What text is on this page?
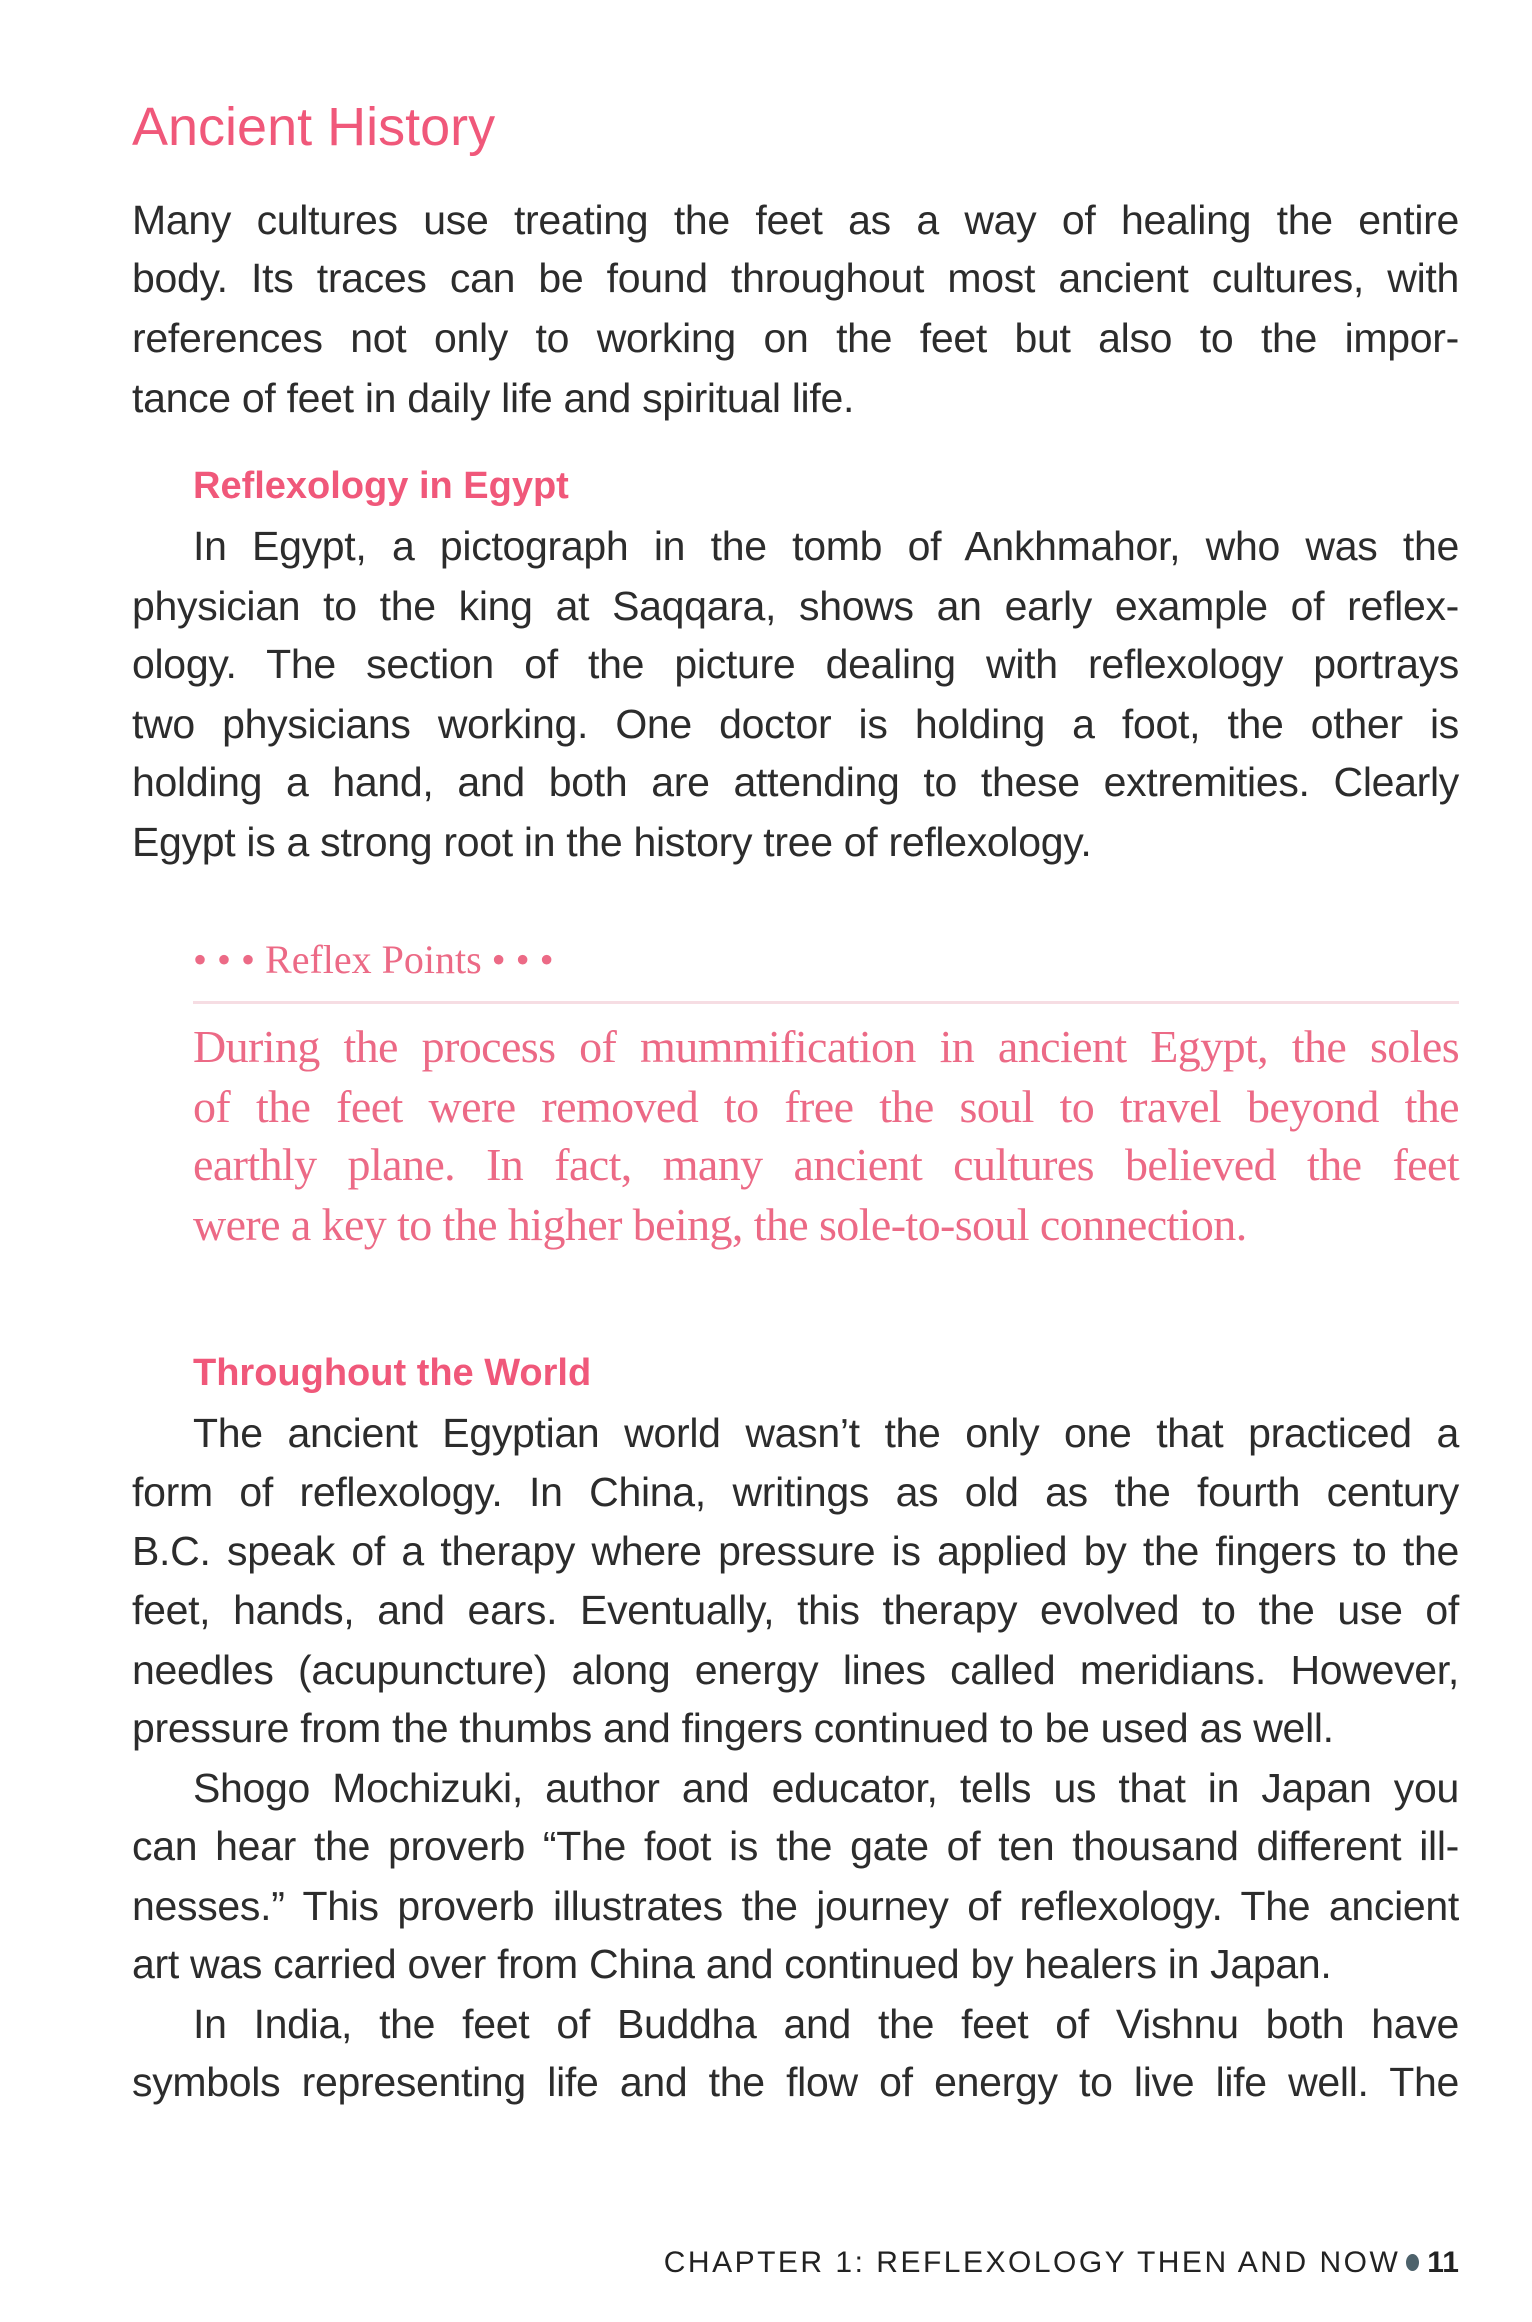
Ancient History
Reflexology in Egypt
• • • Reflex Points • • •
Throughout the World
CHAPTER 1: REFLEXOLOGY THEN AND NOW 11
Many cultures use treating the feet as a way of healing the entire
body. Its traces can be found throughout most ancient cultures, with
references not only to working on the feet but also to the impor-
tance of feet in daily life and spiritual life.
In Egypt, a pictograph in the tomb of Ankhmahor, who was the
physician to the king at Saqqara, shows an early example of reflex-
ology. The section of the picture dealing with reflexology portrays
two physicians working. One doctor is holding a foot, the other is
holding a hand, and both are attending to these extremities. Clearly
Egypt is a strong root in the history tree of reflexology.
During the process of mummification in ancient Egypt, the soles
of the feet were removed to free the soul to travel beyond the
earthly plane. In fact, many ancient cultures believed the feet
were a key to the higher being, the sole-to-soul connection.
The ancient Egyptian world wasn’t the only one that practiced a
form of reflexology. In China, writings as old as the fourth century
B.C. speak of a therapy where pressure is applied by the fingers to the
feet, hands, and ears. Eventually, this therapy evolved to the use of
needles (acupuncture) along energy lines called meridians. However,
pressure from the thumbs and fingers continued to be used as well.
Shogo Mochizuki, author and educator, tells us that in Japan you
can hear the proverb “The foot is the gate of ten thousand different ill-
nesses.” This proverb illustrates the journey of reflexology. The ancient
art was carried over from China and continued by healers in Japan.
In India, the feet of Buddha and the feet of Vishnu both have
symbols representing life and the flow of energy to live life well. The
